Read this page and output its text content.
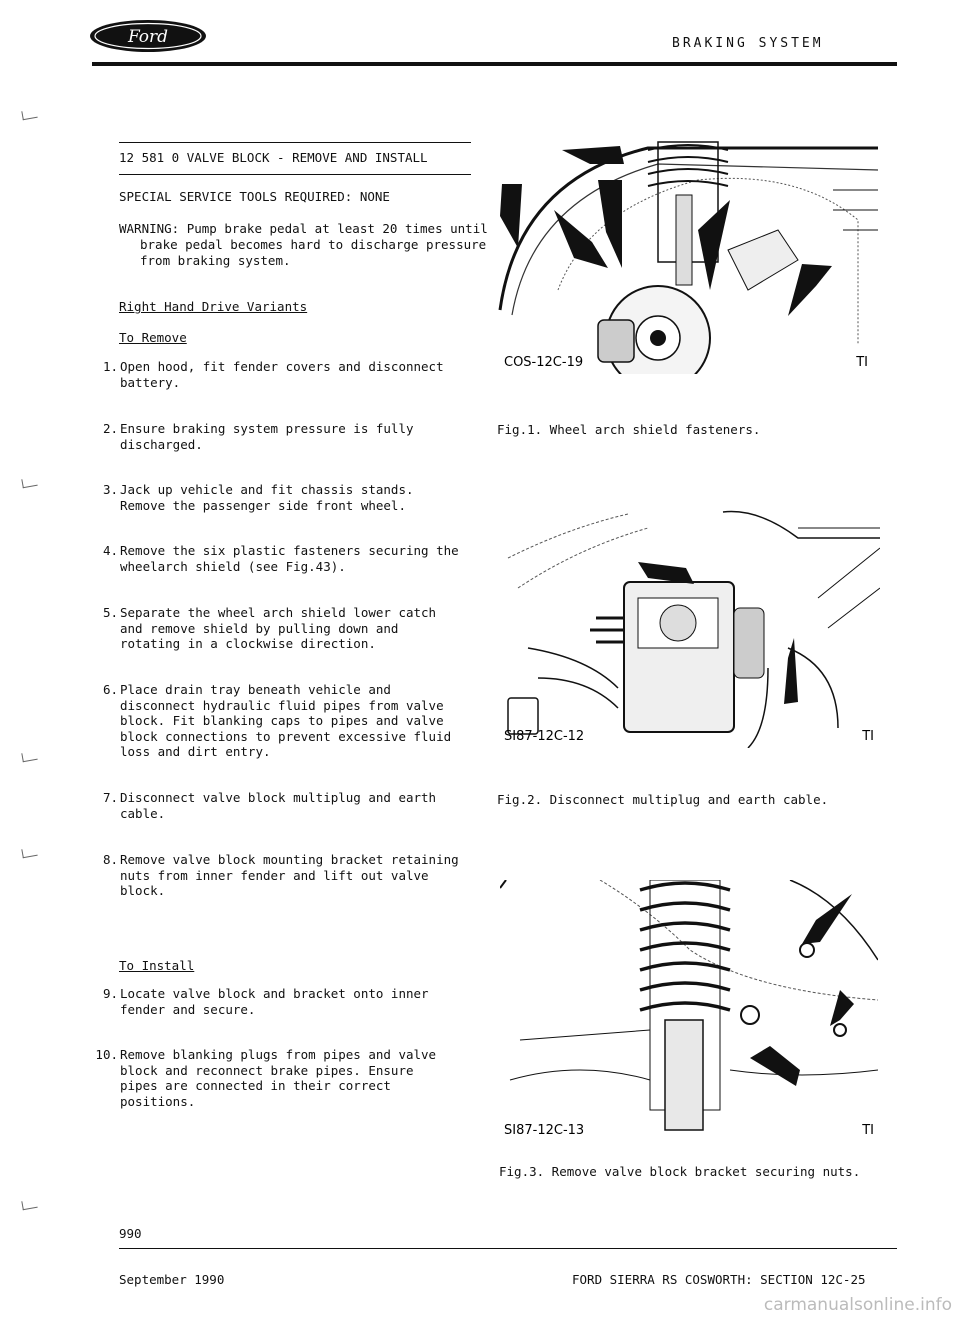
Ford	BRAKING SYSTEM
12 581 0 VALVE BLOCK - REMOVE AND INSTALL
SPECIAL SERVICE TOOLS REQUIRED: NONE
WARNING: Pump brake pedal at least 20 times until
brake pedal becomes hard to discharge pressure
from braking system.
Right Hand Drive Variants
To Remove
1. Open hood, fit fender covers and disconnect
battery.
2. Ensure braking system pressure is fully
discharged.
3. Jack up vehicle and fit chassis stands.
Remove the passenger side front wheel.
4. Remove the six plastic fasteners securing the
wheelarch shield (see Fig.43).
5. Separate the wheel arch shield lower catch
and remove shield by pulling down and
rotating in a clockwise direction.
6. Place drain tray beneath vehicle and
disconnect hydraulic fluid pipes from valve
block. Fit blanking caps to pipes and valve
block connections to prevent excessive fluid
loss and dirt entry.
7. Disconnect valve block multiplug and earth
cable.
8. Remove valve block mounting bracket retaining
nuts from inner fender and lift out valve
block.
To Install
9. Locate valve block and bracket onto inner
fender and secure.
10. Remove blanking plugs from pipes and valve
block and reconnect brake pipes. Ensure
pipes are connected in their correct
positions.
COS-12C-19	TI
Fig.1. Wheel arch shield fasteners.
SI87-12C-12	TI
Fig.2. Disconnect multiplug and earth cable.
SI87-12C-13	TI
Fig.3. Remove valve block bracket securing nuts.
990
September 1990	FORD SIERRA RS COSWORTH: SECTION 12C-25
carmanualsonline.info
